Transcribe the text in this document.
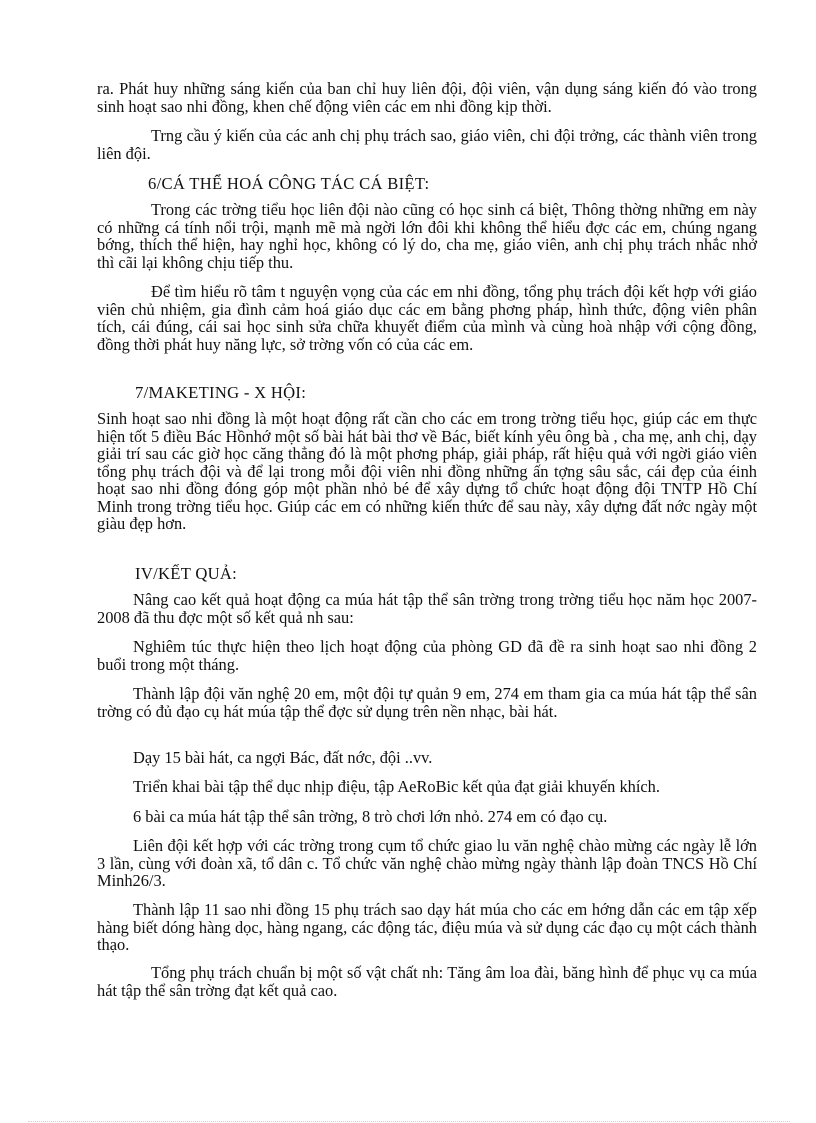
ra. Phát huy những sáng kiến của ban chỉ huy liên đội, đội viên, vận dụng sáng kiến đó vào trong sinh hoạt sao nhi đồng, khen chế động viên các em nhi đồng kịp thời.

Trng cầu ý kiến của các anh chị phụ trách sao, giáo viên, chi đội trởng, các thành viên trong liên đội.

6/CÁ THỂ HOÁ CÔNG TÁC CÁ BIỆT:

Trong các trờng tiểu học liên đội nào cũng có học sinh cá biệt, Thông thờng những em này có những cá tính nổi trội, mạnh mẽ mà ngời lớn đôi khi không thể hiểu đợc các em, chúng ngang bớng, thích thể hiện, hay nghỉ học, không có lý do, cha mẹ, giáo viên, anh chị phụ trách nhắc nhở thì cãi lại không chịu tiếp thu.

Để tìm hiểu rõ tâm t nguyện vọng của các em nhi đồng, tổng phụ trách đội kết hợp với giáo viên chủ nhiệm, gia đình cảm hoá giáo dục các em bằng phơng pháp, hình thức, động viên phân tích, cái đúng, cái sai học sinh sửa chữa khuyết điểm của mình và cùng hoà nhập với cộng đồng, đồng thời phát huy năng lực, sở trờng vốn có của các em.

7/MAKETING - X HỘI:

Sinh hoạt sao nhi đồng là một hoạt động rất cần cho các em trong trờng tiểu học, giúp các em thực hiện tốt 5 điều Bác Hồnhớ một số bài hát bài thơ về Bác, biết kính yêu ông bà , cha mẹ, anh chị, dạy giải trí sau các giờ học căng thẳng đó là một phơng pháp, giải pháp, rất hiệu quả với ngời giáo viên tổng phụ trách đội và để lại trong mỗi đội viên nhi đồng những ấn tợng sâu sắc, cái đẹp của éinh hoạt sao nhi đồng đóng góp một phần nhỏ bé để xây dựng tổ chức hoạt động đội TNTP Hồ Chí Minh trong trờng tiểu học. Giúp các em có những kiến thức để sau này, xây dựng đất nớc ngày một giàu đẹp hơn.

IV/KẾT QUẢ:

Nâng cao kết quả hoạt động ca múa hát tập thể sân trờng trong trờng tiểu học năm học 2007-2008 đã thu đợc một số kết quả nh sau:

Nghiêm túc thực hiện theo lịch hoạt động của phòng GD đã đề ra sinh hoạt sao nhi đồng 2 buổi trong một tháng.

Thành lập đội văn nghệ 20 em, một đội tự quản 9 em, 274 em tham gia ca múa hát tập thể sân trờng có đủ đạo cụ hát múa tập thể đợc sử dụng trên nền nhạc, bài hát.

Dạy 15 bài hát, ca ngợi Bác, đất nớc, đội ..vv.

Triển khai bài tập thể dục nhịp điệu, tập AeRoBic kết qủa đạt giải khuyến khích.

6 bài ca múa hát tập thể sân trờng, 8 trò chơi lớn nhỏ. 274 em có đạo cụ.

Liên đội kết hợp với các trờng trong cụm tổ chức giao lu văn nghệ chào mừng các ngày lễ lớn 3 lần, cùng với đoàn xã, tổ dân c. Tổ chức văn nghệ chào mừng ngày thành lập đoàn TNCS Hồ Chí Minh26/3.

Thành lập 11 sao nhi đồng 15 phụ trách sao dạy hát múa cho các em hớng dẫn các em tập xếp hàng biết dóng hàng dọc, hàng ngang, các động tác, điệu múa và sử dụng các đạo cụ một cách thành thạo.

Tổng phụ trách chuẩn bị một số vật chất nh: Tăng âm loa đài, băng hình để phục vụ ca múa hát tập thể sân trờng đạt kết quả cao.
